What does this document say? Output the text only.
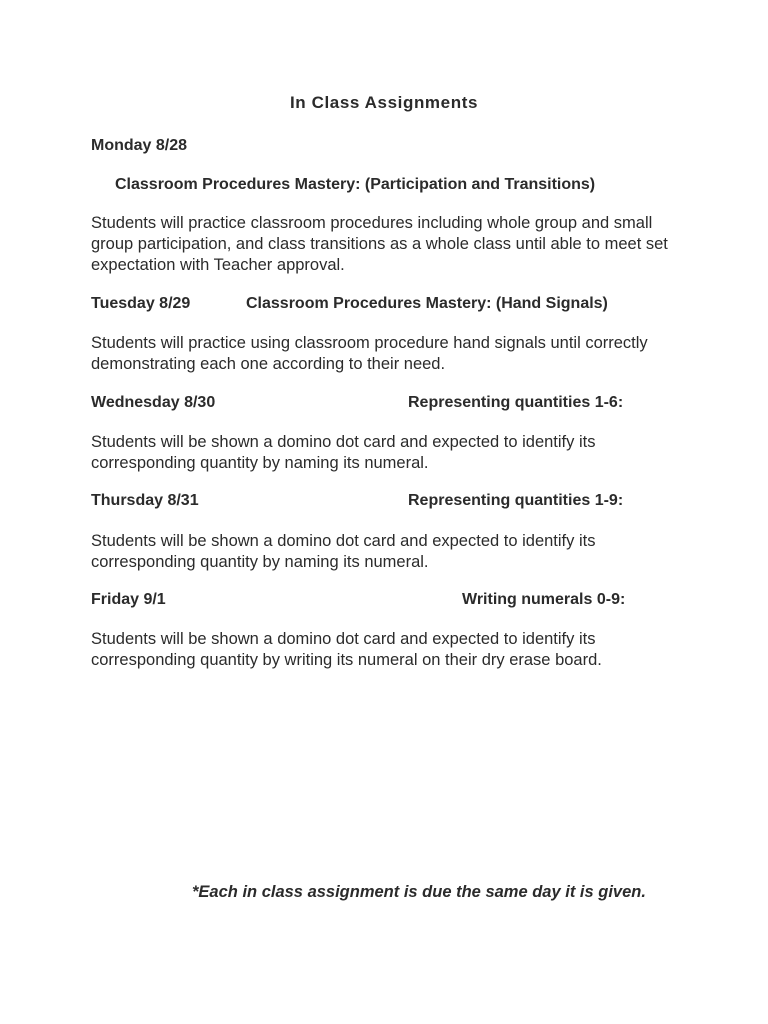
In Class Assignments
Monday 8/28
Classroom Procedures Mastery: (Participation and Transitions)
Students will practice classroom procedures including whole group and small group participation, and class transitions as a whole class until able to meet set expectation with Teacher approval.
Tuesday 8/29	Classroom Procedures Mastery: (Hand Signals)
Students will practice using classroom procedure hand signals until correctly demonstrating each one according to their need.
Wednesday 8/30	Representing quantities 1-6:
Students will be shown a domino dot card and expected to identify its corresponding quantity by naming its numeral.
Thursday 8/31	Representing quantities 1-9:
Students will be shown a domino dot card and expected to identify its corresponding quantity by naming its numeral.
Friday 9/1	Writing numerals 0-9:
Students will be shown a domino dot card and expected to identify its corresponding quantity by writing its numeral on their dry erase board.
*Each in class assignment is due the same day it is given.
